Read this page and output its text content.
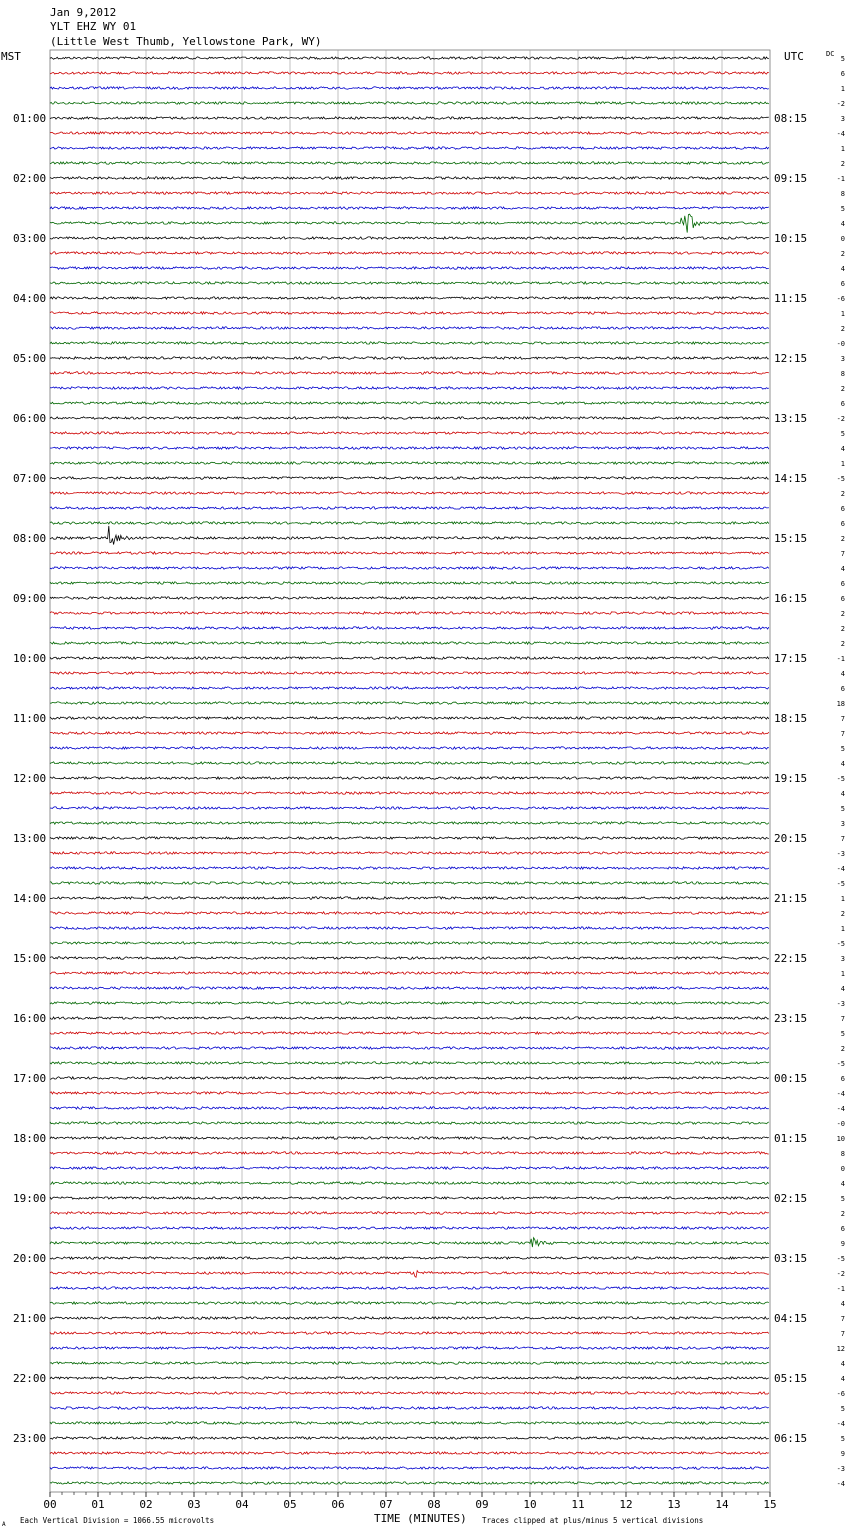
Jan 9,2012
YLT EHZ WY 01
(Little West Thumb, Yellowstone Park, WY)
MST	UTC	DC
01:00
02:00
03:00
04:00
05:00
06:00
07:00
08:00
09:00
10:00
11:00
12:00
13:00
14:00
15:00
16:00
17:00
18:00
19:00
20:00
21:00
22:00
23:00
08:15
09:15
10:15
11:15
12:15
13:15
14:15
15:15
16:15
17:15
18:15
19:15
20:15
21:15
22:15
23:15
00:15
01:15
02:15
03:15
04:15
05:15
06:15
5
6
1
-2
3
-4
1
2
-1
8
5
4
0
2
4
6
-6
1
2
-0
3
8
2
6
-2
5
4
1
-5
2
6
6
2
7
4
6
6
2
2
2
-1
4
6
18
7
7
5
4
-5
4
5
3
7
-3
-4
-5
1
2
1
-5
3
1
4
-3
7
5
2
-5
6
-4
-4
-0
10
8
0
4
5
2
6
9
-5
-2
-1
4
7
7
12
4
4
-6
5
-4
5
9
-3
-4
00	01	02	03	04	05	06	07	08	09	10	11	12	13	14	15
TIME (MINUTES)
A Each Vertical Division = 1066.55 microvolts	Traces clipped at plus/minus 5 vertical divisions
